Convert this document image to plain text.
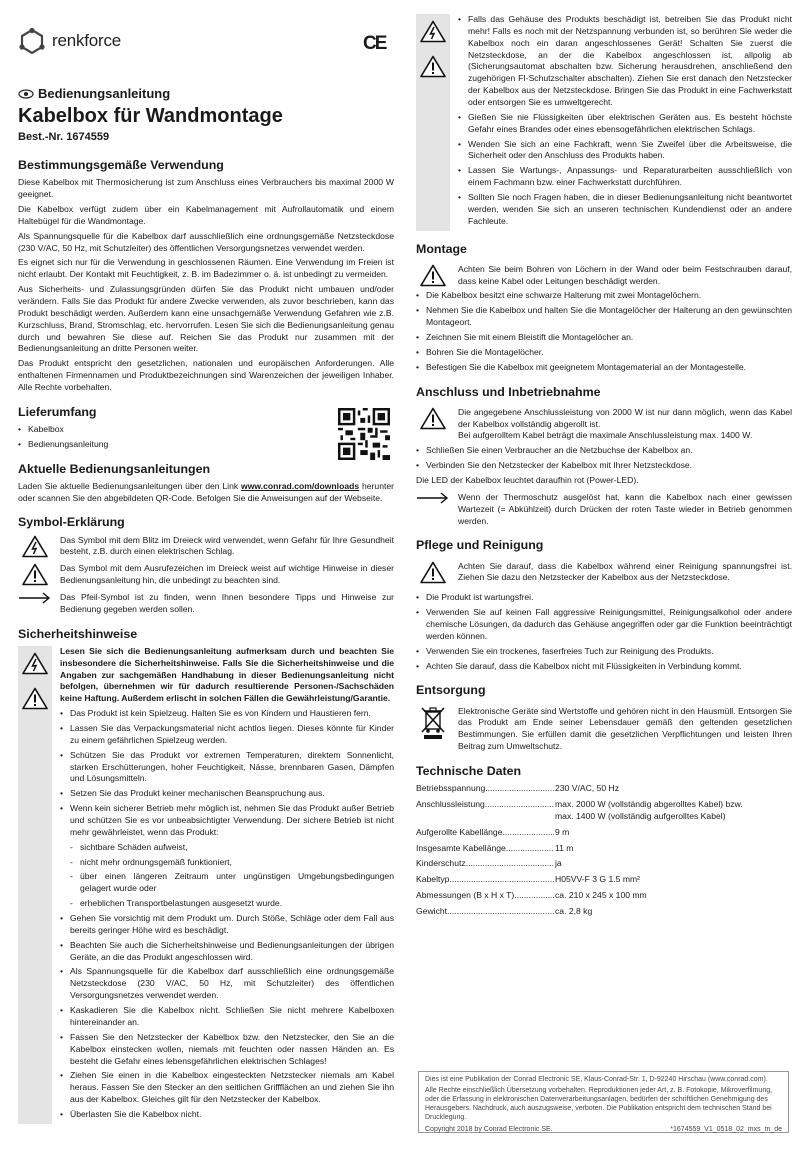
renkforce	CE
Bedienungsanleitung
Kabelbox für Wandmontage
Best.-Nr. 1674559
Bestimmungsgemäße Verwendung

Diese Kabelbox mit Thermosicherung ist zum Anschluss eines Verbrauchers bis maximal 2000 W geeignet.

Die Kabelbox verfügt zudem über ein Kabelmanagement mit Aufrollautomatik und einem Haltebügel für die Wandmontage.

Als Spannungsquelle für die Kabelbox darf ausschließlich eine ordnungsgemäße Netzsteckdose (230 V/AC, 50 Hz, mit Schutzleiter) des öffentlichen Versorgungsnetzes verwendet werden.

Es eignet sich nur für die Verwendung in geschlossenen Räumen. Eine Verwendung im Freien ist nicht erlaubt. Der Kontakt mit Feuchtigkeit, z. B. im Badezimmer o. ä. ist unbedingt zu vermeiden.

Aus Sicherheits- und Zulassungsgründen dürfen Sie das Produkt nicht umbauen und/oder verändern. Falls Sie das Produkt für andere Zwecke verwenden, als zuvor beschrieben, kann das Produkt beschädigt werden. Außerdem kann eine unsachgemäße Verwendung Gefahren wie z.B. Kurzschluss, Brand, Stromschlag, etc. hervorrufen. Lesen Sie sich die Bedienungsanleitung genau durch und bewahren Sie diese auf. Reichen Sie das Produkt nur zusammen mit der Bedienungsanleitung an dritte Personen weiter.

Das Produkt entspricht den gesetzlichen, nationalen und europäischen Anforderungen. Alle enthaltenen Firmennamen und Produktbezeichnungen sind Warenzeichen der jeweiligen Inhaber. Alle Rechte vorbehalten.

Lieferumfang
• Kabelbox
• Bedienungsanleitung
Aktuelle Bedienungsanleitungen

Laden Sie aktuelle Bedienungsanleitungen über den Link www.conrad.com/downloads herunter oder scannen Sie den abgebildeten QR-Code. Befolgen Sie die Anweisungen auf der Webseite.

Symbol-Erklärung

Das Symbol mit dem Blitz im Dreieck wird verwendet, wenn Gefahr für Ihre Gesundheit besteht, z.B. durch einen elektrischen Schlag.

Das Symbol mit dem Ausrufezeichen im Dreieck weist auf wichtige Hinweise in dieser Bedienungsanleitung hin, die unbedingt zu beachten sind.

Das Pfeil-Symbol ist zu finden, wenn Ihnen besondere Tipps und Hinweise zur Bedienung gegeben werden sollen.

Sicherheitshinweise

Lesen Sie sich die Bedienungsanleitung aufmerksam durch und beachten Sie insbesondere die Sicherheitshinweise. Falls Sie die Sicherheitshinweise und die Angaben zur sachgemäßen Handhabung in dieser Bedienungsanleitung nicht befolgen, übernehmen wir für dadurch resultierende Personen-/Sachschäden keine Haftung. Außerdem erlischt in solchen Fällen die Gewährleistung/Garantie.

• Das Produkt ist kein Spielzeug. Halten Sie es von Kindern und Haustieren fern.
• Lassen Sie das Verpackungsmaterial nicht achtlos liegen. Dieses könnte für Kinder zu einem gefährlichen Spielzeug werden.
• Schützen Sie das Produkt vor extremen Temperaturen, direktem Sonnenlicht, starken Erschütterungen, hoher Feuchtigkeit, Nässe, brennbaren Gasen, Dämpfen und Lösungsmitteln.
• Setzen Sie das Produkt keiner mechanischen Beanspruchung aus.
• Wenn kein sicherer Betrieb mehr möglich ist, nehmen Sie das Produkt außer Betrieb und schützen Sie es vor unbeabsichtigter Verwendung. Der sichere Betrieb ist nicht mehr gewährleistet, wenn das Produkt:
- sichtbare Schäden aufweist,
- nicht mehr ordnungsgemäß funktioniert,
- über einen längeren Zeitraum unter ungünstigen Umgebungsbedingungen gelagert wurde oder
- erheblichen Transportbelastungen ausgesetzt wurde.
• Gehen Sie vorsichtig mit dem Produkt um. Durch Stöße, Schläge oder dem Fall aus bereits geringer Höhe wird es beschädigt.
• Beachten Sie auch die Sicherheitshinweise und Bedienungsanleitungen der übrigen Geräte, an die das Produkt angeschlossen wird.
• Als Spannungsquelle für die Kabelbox darf ausschließlich eine ordnungsgemäße Netzsteckdose (230 V/AC, 50 Hz, mit Schutzleiter) des öffentlichen Versorgungsnetzes verwendet werden.
• Kaskadieren Sie die Kabelbox nicht. Schließen Sie nicht mehrere Kabelboxen hintereinander an.
• Fassen Sie den Netzstecker der Kabelbox bzw. den Netzstecker, den Sie an die Kabelbox einstecken wollen, niemals mit feuchten oder nassen Händen an. Es besteht die Gefahr eines lebensgefährlichen elektrischen Schlages!
• Ziehen Sie einen in die Kabelbox eingesteckten Netzstecker niemals am Kabel heraus. Fassen Sie den Stecker an den seitlichen Griffflächen an und ziehen Sie ihn aus der Kabelbox. Gleiches gilt für den Netzstecker der Kabelbox.
• Überlasten Sie die Kabelbox nicht.
• Falls das Gehäuse des Produkts beschädigt ist, betreiben Sie das Produkt nicht mehr! Falls es noch mit der Netzspannung verbunden ist, so berühren Sie weder die Kabelbox noch ein daran angeschlossenes Gerät! Schalten Sie zuerst die Netzsteckdose, an der die Kabelbox angeschlossen ist, allpolig ab (Sicherungsautomat abschalten bzw. Sicherung herausdrehen, anschließend den zugehörigen FI-Schutzschalter abschalten). Ziehen Sie erst danach den Netzstecker der Kabelbox aus der Netzsteckdose. Bringen Sie das Produkt in eine Fachwerkstatt oder entsorgen Sie es umweltgerecht.
• Gießen Sie nie Flüssigkeiten über elektrischen Geräten aus. Es besteht höchste Gefahr eines Brandes oder eines ebensogefährlichen elektrischen Schlags.
• Wenden Sie sich an eine Fachkraft, wenn Sie Zweifel über die Arbeitsweise, die Sicherheit oder den Anschluss des Produkts haben.
• Lassen Sie Wartungs-, Anpassungs- und Reparaturarbeiten ausschließlich von einem Fachmann bzw. einer Fachwerkstatt durchführen.
• Sollten Sie noch Fragen haben, die in dieser Bedienungsanleitung nicht beantwortet werden, wenden Sie sich an unseren technischen Kundendienst oder an andere Fachleute.
Montage

Achten Sie beim Bohren von Löchern in der Wand oder beim Festschrauben darauf, dass keine Kabel oder Leitungen beschädigt werden.

• Die Kabelbox besitzt eine schwarze Halterung mit zwei Montagelöchern.
• Nehmen Sie die Kabelbox und halten Sie die Montagelöcher der Halterung an den gewünschten Montageort.
• Zeichnen Sie mit einem Bleistift die Montagelöcher an.
• Bohren Sie die Montagelöcher.
• Befestigen Sie die Kabelbox mit geeignetem Montagematerial an der Montagestelle.
Anschluss und Inbetriebnahme

Die angegebene Anschlussleistung von 2000 W ist nur dann möglich, wenn das Kabel der Kabelbox vollständig abgerollt ist.
Bei aufgerolltem Kabel beträgt die maximale Anschlussleistung max. 1400 W.

• Schließen Sie einen Verbraucher an die Netzbuchse der Kabelbox an.
• Verbinden Sie den Netzstecker der Kabelbox mit Ihrer Netzsteckdose.

Die LED der Kabelbox leuchtet daraufhin rot (Power-LED).

Wenn der Thermoschutz ausgelöst hat, kann die Kabelbox nach einer gewissen Wartezeit (= Abkühlzeit) durch Drücken der roten Taste wieder in Betrieb genommen werden.

Pflege und Reinigung

Achten Sie darauf, dass die Kabelbox während einer Reinigung spannungsfrei ist. Ziehen Sie dazu den Netzstecker der Kabelbox aus der Netzsteckdose.

• Die Produkt ist wartungsfrei.
• Verwenden Sie auf keinen Fall aggressive Reinigungsmittel, Reinigungsalkohol oder andere chemische Lösungen, da dadurch das Gehäuse angegriffen oder gar die Funktion beeinträchtigt werden können.
• Verwenden Sie ein trockenes, faserfreies Tuch zur Reinigung des Produkts.
• Achten Sie darauf, dass die Kabelbox nicht mit Flüssigkeiten in Verbindung kommt.
Entsorgung

Elektronische Geräte sind Wertstoffe und gehören nicht in den Hausmüll. Entsorgen Sie das Produkt am Ende seiner Lebensdauer gemäß den geltenden gesetzlichen Bestimmungen. Sie erfüllen damit die gesetzlichen Verpflichtungen und leisten Ihren Beitrag zum Umweltschutz.

Technische Daten
Betriebsspannung .....	230 V/AC, 50 Hz
Anschlussleistung .....	max. 2000 W (vollständig abgerolltes Kabel) bzw.
max. 1400 W (vollständig aufgerolltes Kabel)
Aufgerollte Kabellänge .....	9 m
Insgesamte Kabellänge .....	11 m
Kinderschutz .....	ja
Kabeltyp .....	H05VV-F 3 G 1.5 mm²
Abmessungen (B x H x T) .....	ca. 210 x 245 x 100 mm
Gewicht .....	ca. 2,8 kg
Dies ist eine Publikation der Conrad Electronic SE, Klaus-Conrad-Str. 1, D-92240 Hirschau (www.conrad.com).
Alle Rechte einschließlich Übersetzung vorbehalten. Reproduktionen jeder Art, z. B. Fotokopie, Mikroverfilmung, oder die Erfassung in elektronischen Datenverarbeitungsanlagen, bedürfen der schriftlichen Genehmigung des Herausgebers. Nachdruck, auch auszugsweise, verboten. Die Publikation entspricht dem technischen Stand bei Drucklegung.
Copyright 2018 by Conrad Electronic SE.	*1674559_V1_0518_02_mxs_m_de
